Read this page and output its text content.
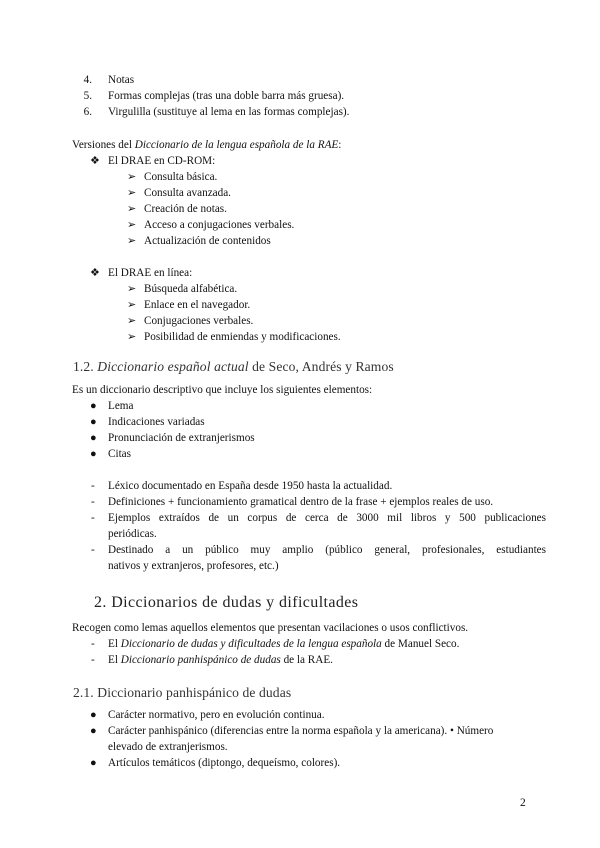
4. Notas
5. Formas complejas (tras una doble barra más gruesa).
6. Virgulilla (sustituye al lema en las formas complejas).
Versiones del Diccionario de la lengua española de la RAE:
❖ El DRAE en CD-ROM:
➢ Consulta básica.
➢ Consulta avanzada.
➢ Creación de notas.
➢ Acceso a conjugaciones verbales.
➢ Actualización de contenidos
❖ El DRAE en línea:
➢ Búsqueda alfabética.
➢ Enlace en el navegador.
➢ Conjugaciones verbales.
➢ Posibilidad de enmiendas y modificaciones.
1.2. Diccionario español actual de Seco, Andrés y Ramos
Es un diccionario descriptivo que incluye los siguientes elementos:
● Lema
● Indicaciones variadas
● Pronunciación de extranjerismos
● Citas
- Léxico documentado en España desde 1950 hasta la actualidad.
- Definiciones + funcionamiento gramatical dentro de la frase + ejemplos reales de uso.
- Ejemplos extraídos de un corpus de cerca de 3000 mil libros y 500 publicaciones
periódicas.
- Destinado a un público muy amplio (público general, profesionales, estudiantes
nativos y extranjeros, profesores, etc.)
2. Diccionarios de dudas y dificultades
Recogen como lemas aquellos elementos que presentan vacilaciones o usos conflictivos.
- El Diccionario de dudas y dificultades de la lengua española de Manuel Seco.
- El Diccionario panhispánico de dudas de la RAE.
2.1. Diccionario panhispánico de dudas
● Carácter normativo, pero en evolución continua.
● Carácter panhispánico (diferencias entre la norma española y la americana). • Número
elevado de extranjerismos.
● Artículos temáticos (diptongo, dequeísmo, colores).
2
